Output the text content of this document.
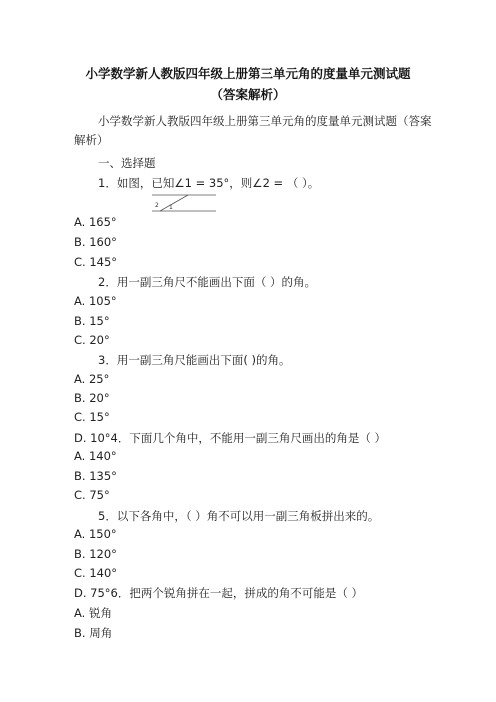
小学数学新人教版四年级上册第三单元角的度量单元测试题
（答案解析）
小学数学新人教版四年级上册第三单元角的度量单元测试题（答案解析）
一、选择题
1．如图，已知∠1 = 35°，则∠2 = （ ）。
2 1
A. 165°
B. 160°
C. 145°
2．用一副三角尺不能画出下面（ ）的角。
A. 105°
B. 15°
C. 20°
3．用一副三角尺能画出下面( )的角。
A. 25°
B. 20°
C. 15°
D. 10°4．下面几个角中，不能用一副三角尺画出的角是（ ）
A. 140°
B. 135°
C. 75°
5．以下各角中，（ ）角不可以用一副三角板拼出来的。
A. 150°
B. 120°
C. 140°
D. 75°6．把两个锐角拼在一起，拼成的角不可能是（ ）
A. 锐角
B. 周角
